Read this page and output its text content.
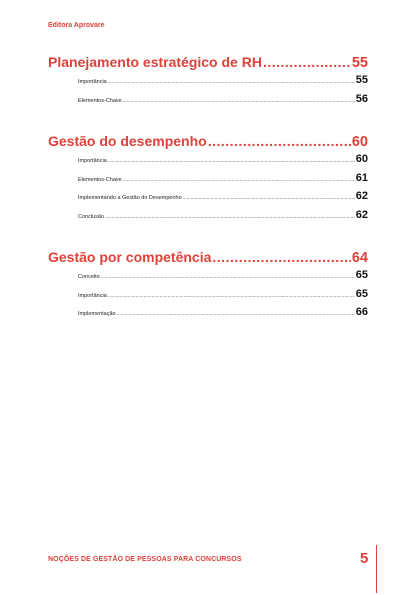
Editora Aprovare
Planejamento estratégico de RH .....	55
Importância .....	55
Elementos-Chave .....	56
Gestão do desempenho .....	60
Importância .....	60
Elementos-Chave .....	61
Implementando a Gestão do Desempenho .....	62
Conclusão .....	62
Gestão por competência .....	64
Conceito .....	65
Importância .....	65
Implementação .....	66
NOÇÕES DE GESTÃO DE PESSOAS PARA CONCURSOS	5
